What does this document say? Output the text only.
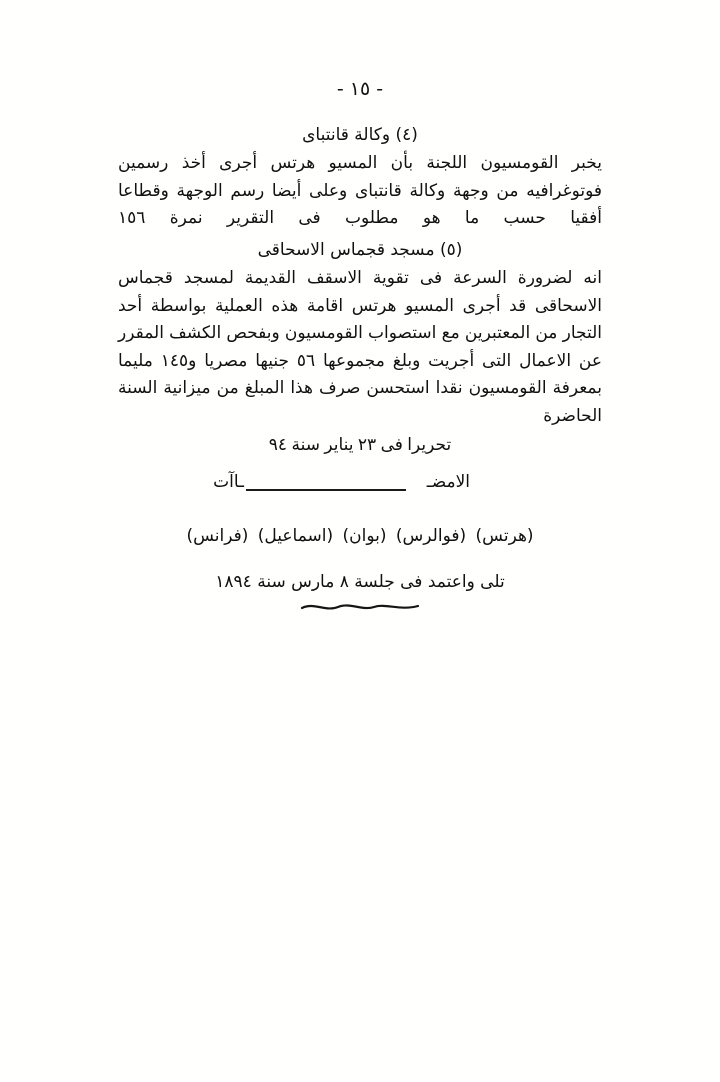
- ١٥ -
(٤) وكالة قانتباى

يخبر القومسيون اللجنة بأن المسيو هرتس أجرى أخذ رسمين فوتوغرافيه من وجهة وكالة قانتباى وعلى أيضا رسم الوجهة وقطاعا أفقيا حسب ما هو مطلوب فى التقرير نمرة ١٥٦

(٥) مسجد قجماس الاسحاقى

انه لضرورة السرعة فى تقوية الاسقف القديمة لمسجد قجماس الاسحاقى قد أجرى المسيو هرتس اقامة هذه العملية بواسطة أحد التجار من المعتبرين مع استصواب القومسيون وبفحص الكشف المقرر عن الاعمال التى أجريت وبلغ مجموعها ٥٦ جنيها مصريا و١٤٥ مليما بمعرفة القومسيون نقدا استحسن صرف هذا المبلغ من ميزانية السنة الحاضرة

تحريرا فى ٢٣ يناير سنة ٩٤

الامضـ
ـاآت
(هرتس) (فوالرس) (بوان) (اسماعيل) (فرانس)
تلى واعتمد فى جلسة ٨ مارس سنة ١٨٩٤
